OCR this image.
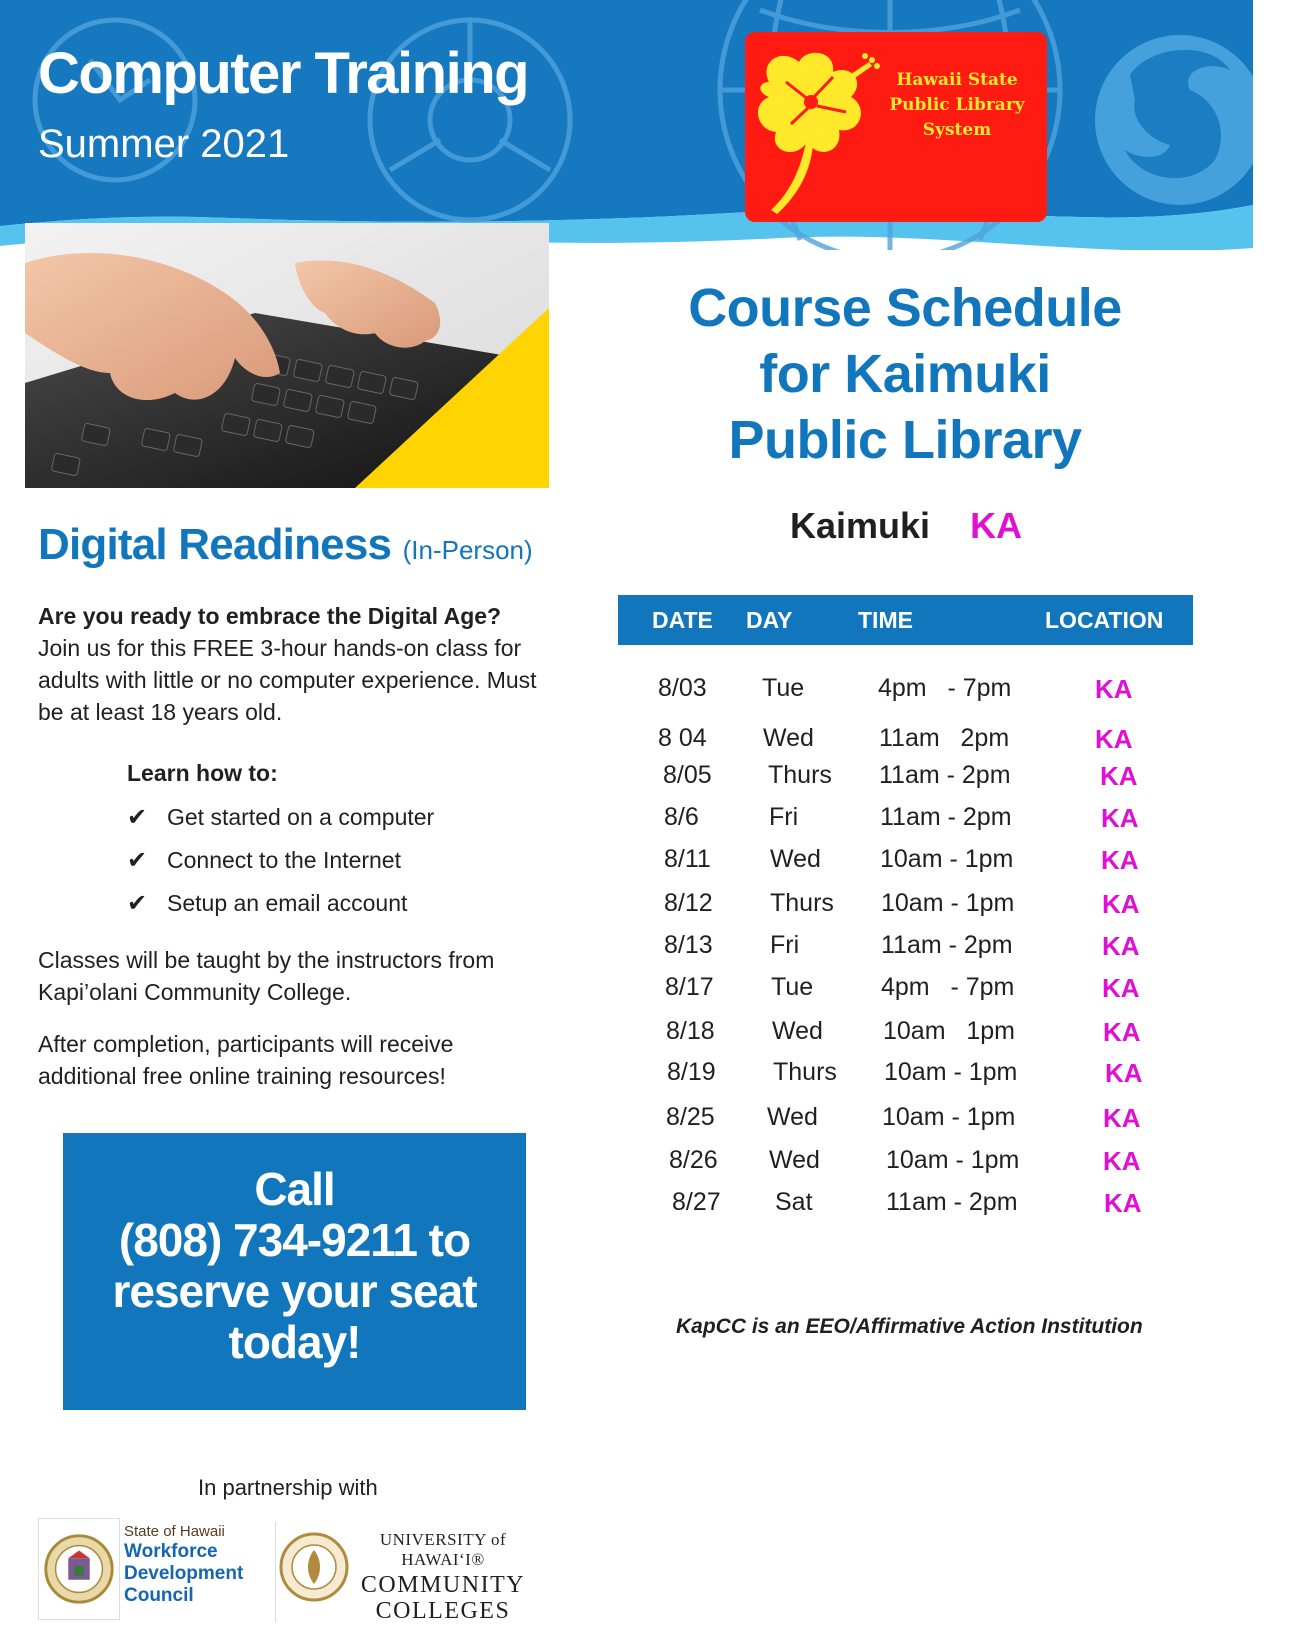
Computer Training
Summer 2021
Hawaii State
Public Library
System
Digital Readiness (In-Person)
Are you ready to embrace the Digital Age?
Join us for this FREE 3-hour hands-on class for adults with little or no computer experience. Must be at least 18 years old.
Learn how to:
✔ Get started on a computer
✔ Connect to the Internet
✔ Setup an email account
Classes will be taught by the instructors from Kapi’olani Community College.
After completion, participants will receive additional free online training resources!
Call
(808) 734-9211 to
reserve your seat
today!
In partnership with
State of Hawaii
Workforce
Development
Council
UNIVERSITY of HAWAI‘I®
COMMUNITY
COLLEGES
Course Schedule
for Kaimuki
Public Library
Kaimuki KA
DATE DAY	TIME	LOCATION
8/03 Tue	4pm   - 7pm	KA
8 04 Wed	11am   2pm	KA
8/05 Thurs 11am - 2pm	KA
8/6	Fri	11am - 2pm	KA
8/11 Wed 10am - 1pm	KA
8/12 Thurs 10am - 1pm	KA
8/13 Fri	11am - 2pm	KA
8/17 Tue	4pm   - 7pm	KA
8/18 Wed 10am   1pm	KA
8/19 Thurs 10am - 1pm	KA
8/25 Wed	10am - 1pm	KA
8/26 Wed	10am - 1pm	KA
8/27 Sat	11am - 2pm	KA
KapCC is an EEO/Affirmative Action Institution
